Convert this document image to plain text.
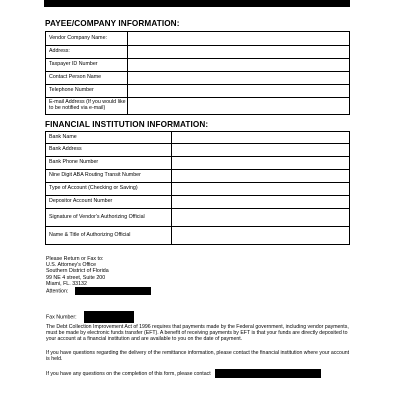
PAYEE/COMPANY INFORMATION:
Vendor Company Name:	
Address:	
Taxpayer ID Number	
Contact Person Name	
Telephone Number	
E-mail Address (If you would like to be notified via e-mail)	
FINANCIAL INSTITUTION INFORMATION:
Bank Name	
Bank Address	
Bank Phone Number	
Nine Digit ABA Routing Transit Number	
Type of Account (Checking or Saving)	
Depositor Account Number	
Signature of Vendor's Authorizing Official	
Name & Title of Authorizing Official	
Please Return or Fax to:
U.S. Attorney's Office
Southern District of Florida
99 NE 4 street, Suite 200
Miami, FL. 33132
Attention:
Fax Number:
The Debt Collection Improvement Act of 1996 requires that payments made by the Federal government, including vendor payments, must be made by electronic funds transfer (EFT). A benefit of receiving payments by EFT is that your funds are directly deposited to your account at a financial institution and are available to you on the date of payment.
If you have questions regarding the delivery of the remittance information, please contact the financial institution where your account is held.
If you have any questions on the completion of this form, please contact
